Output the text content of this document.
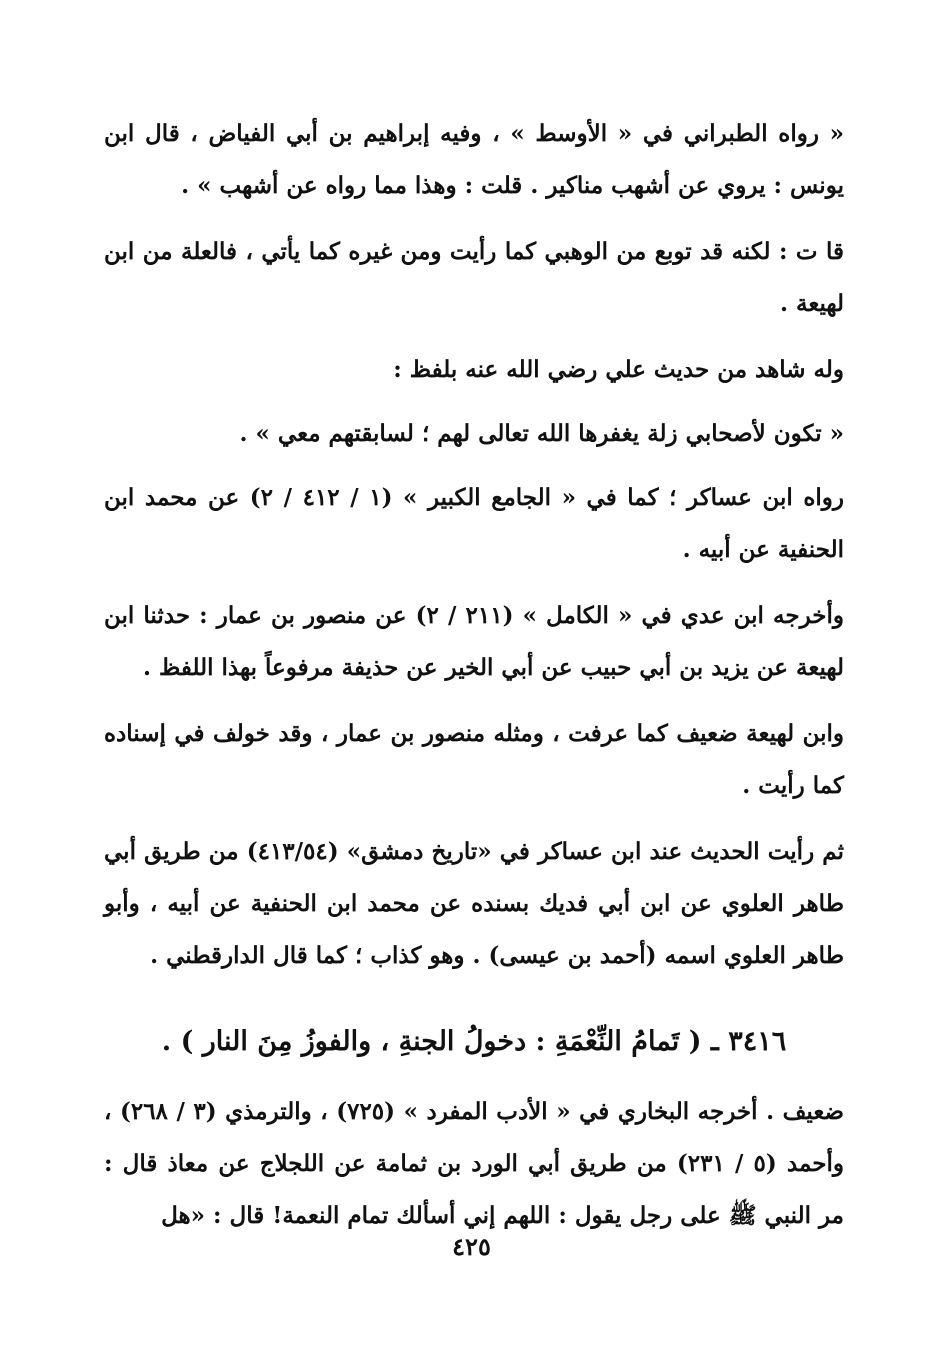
« رواه الطبراني في « الأوسط » ، وفيه إبراهيم بن أبي الفياض ، قال ابن يونس : يروي عن أشهب مناكير . قلت : وهذا مما رواه عن أشهب » .

قا ت : لكنه قد توبع من الوهبي كما رأيت ومن غيره كما يأتي ، فالعلة من ابن لهيعة .

وله شاهد من حديث علي رضي الله عنه بلفظ :

« تكون لأصحابي زلة يغفرها الله تعالى لهم ؛ لسابقتهم معي » .

رواه ابن عساكر ؛ كما في « الجامع الكبير » (١ / ٤١٢ / ٢) عن محمد ابن الحنفية عن أبيه .

وأخرجه ابن عدي في « الكامل » (٢١١ / ٢) عن منصور بن عمار : حدثنا ابن لهيعة عن يزيد بن أبي حبيب عن أبي الخير عن حذيفة مرفوعاً بهذا اللفظ .

وابن لهيعة ضعيف كما عرفت ، ومثله منصور بن عمار ، وقد خولف في إسناده كما رأيت .

ثم رأيت الحديث عند ابن عساكر في «تاريخ دمشق» (٤١٣/٥٤) من طريق أبي طاهر العلوي عن ابن أبي فديك بسنده عن محمد ابن الحنفية عن أبيه ، وأبو طاهر العلوي اسمه (أحمد بن عيسى) . وهو كذاب ؛ كما قال الدارقطني .

٣٤١٦ ـ ( تَمامُ النِّعْمَةِ : دخولُ الجنةِ ، والفوزُ مِنَ النار ) .

ضعيف . أخرجه البخاري في « الأدب المفرد » (٧٢٥) ، والترمذي (٣ / ٢٦٨) ، وأحمد (٥ / ٢٣١) من طريق أبي الورد بن ثمامة عن اللجلاج عن معاذ قال : مر النبي ﷺ على رجل يقول : اللهم إني أسألك تمام النعمة! قال : «هل

٤٢٥
